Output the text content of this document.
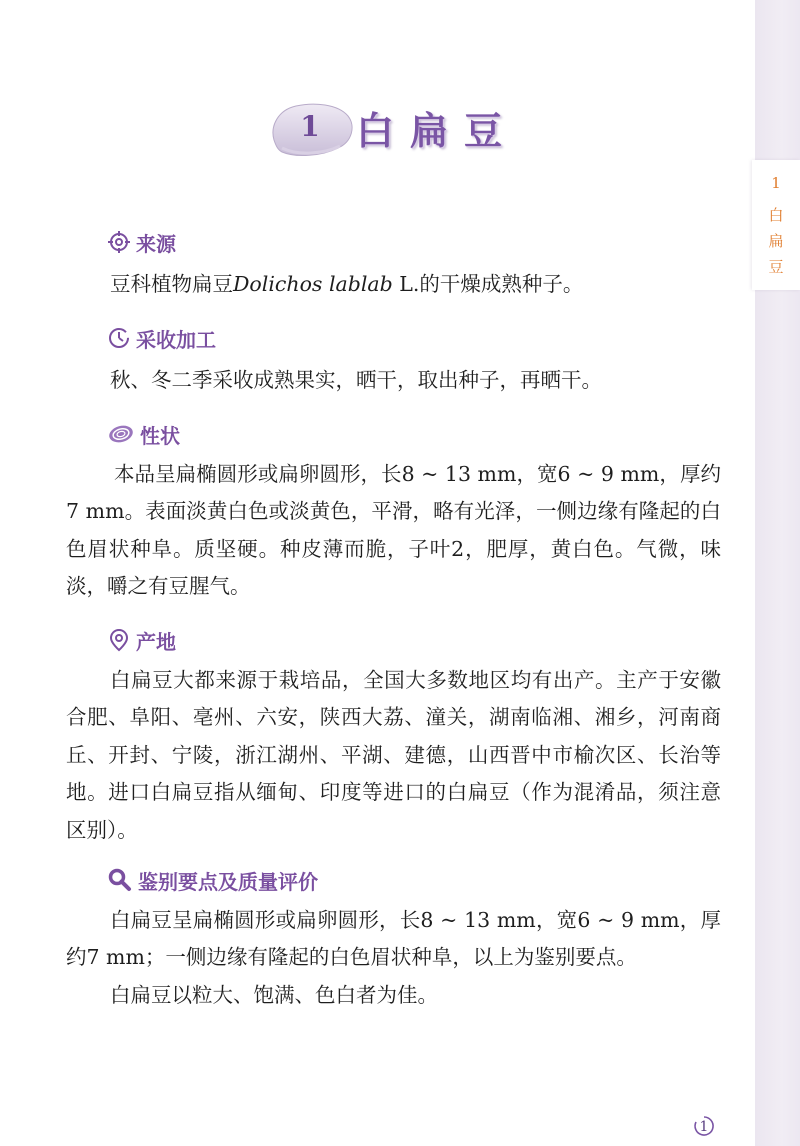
1
白
扁
豆
1 白扁豆
来源

豆科植物扁豆Dolichos lablab L.的干燥成熟种子。

采收加工

秋、冬二季采收成熟果实，晒干，取出种子，再晒干。

性状

本品呈扁椭圆形或扁卵圆形，长8 ~ 13 mm，宽6 ~ 9 mm，厚约7 mm。表面淡黄白色或淡黄色，平滑，略有光泽，一侧边缘有隆起的白色眉状种阜。质坚硬。种皮薄而脆，子叶2，肥厚，黄白色。气微，味淡，嚼之有豆腥气。

产地

白扁豆大都来源于栽培品，全国大多数地区均有出产。主产于安徽合肥、阜阳、亳州、六安，陕西大荔、潼关，湖南临湘、湘乡，河南商丘、开封、宁陵，浙江湖州、平湖、建德，山西晋中市榆次区、长治等地。进口白扁豆指从缅甸、印度等进口的白扁豆（作为混淆品，须注意区别）。

鉴别要点及质量评价

白扁豆呈扁椭圆形或扁卵圆形，长8 ~ 13 mm，宽6 ~ 9 mm，厚约7 mm；一侧边缘有隆起的白色眉状种阜，以上为鉴别要点。

白扁豆以粒大、饱满、色白者为佳。

1
